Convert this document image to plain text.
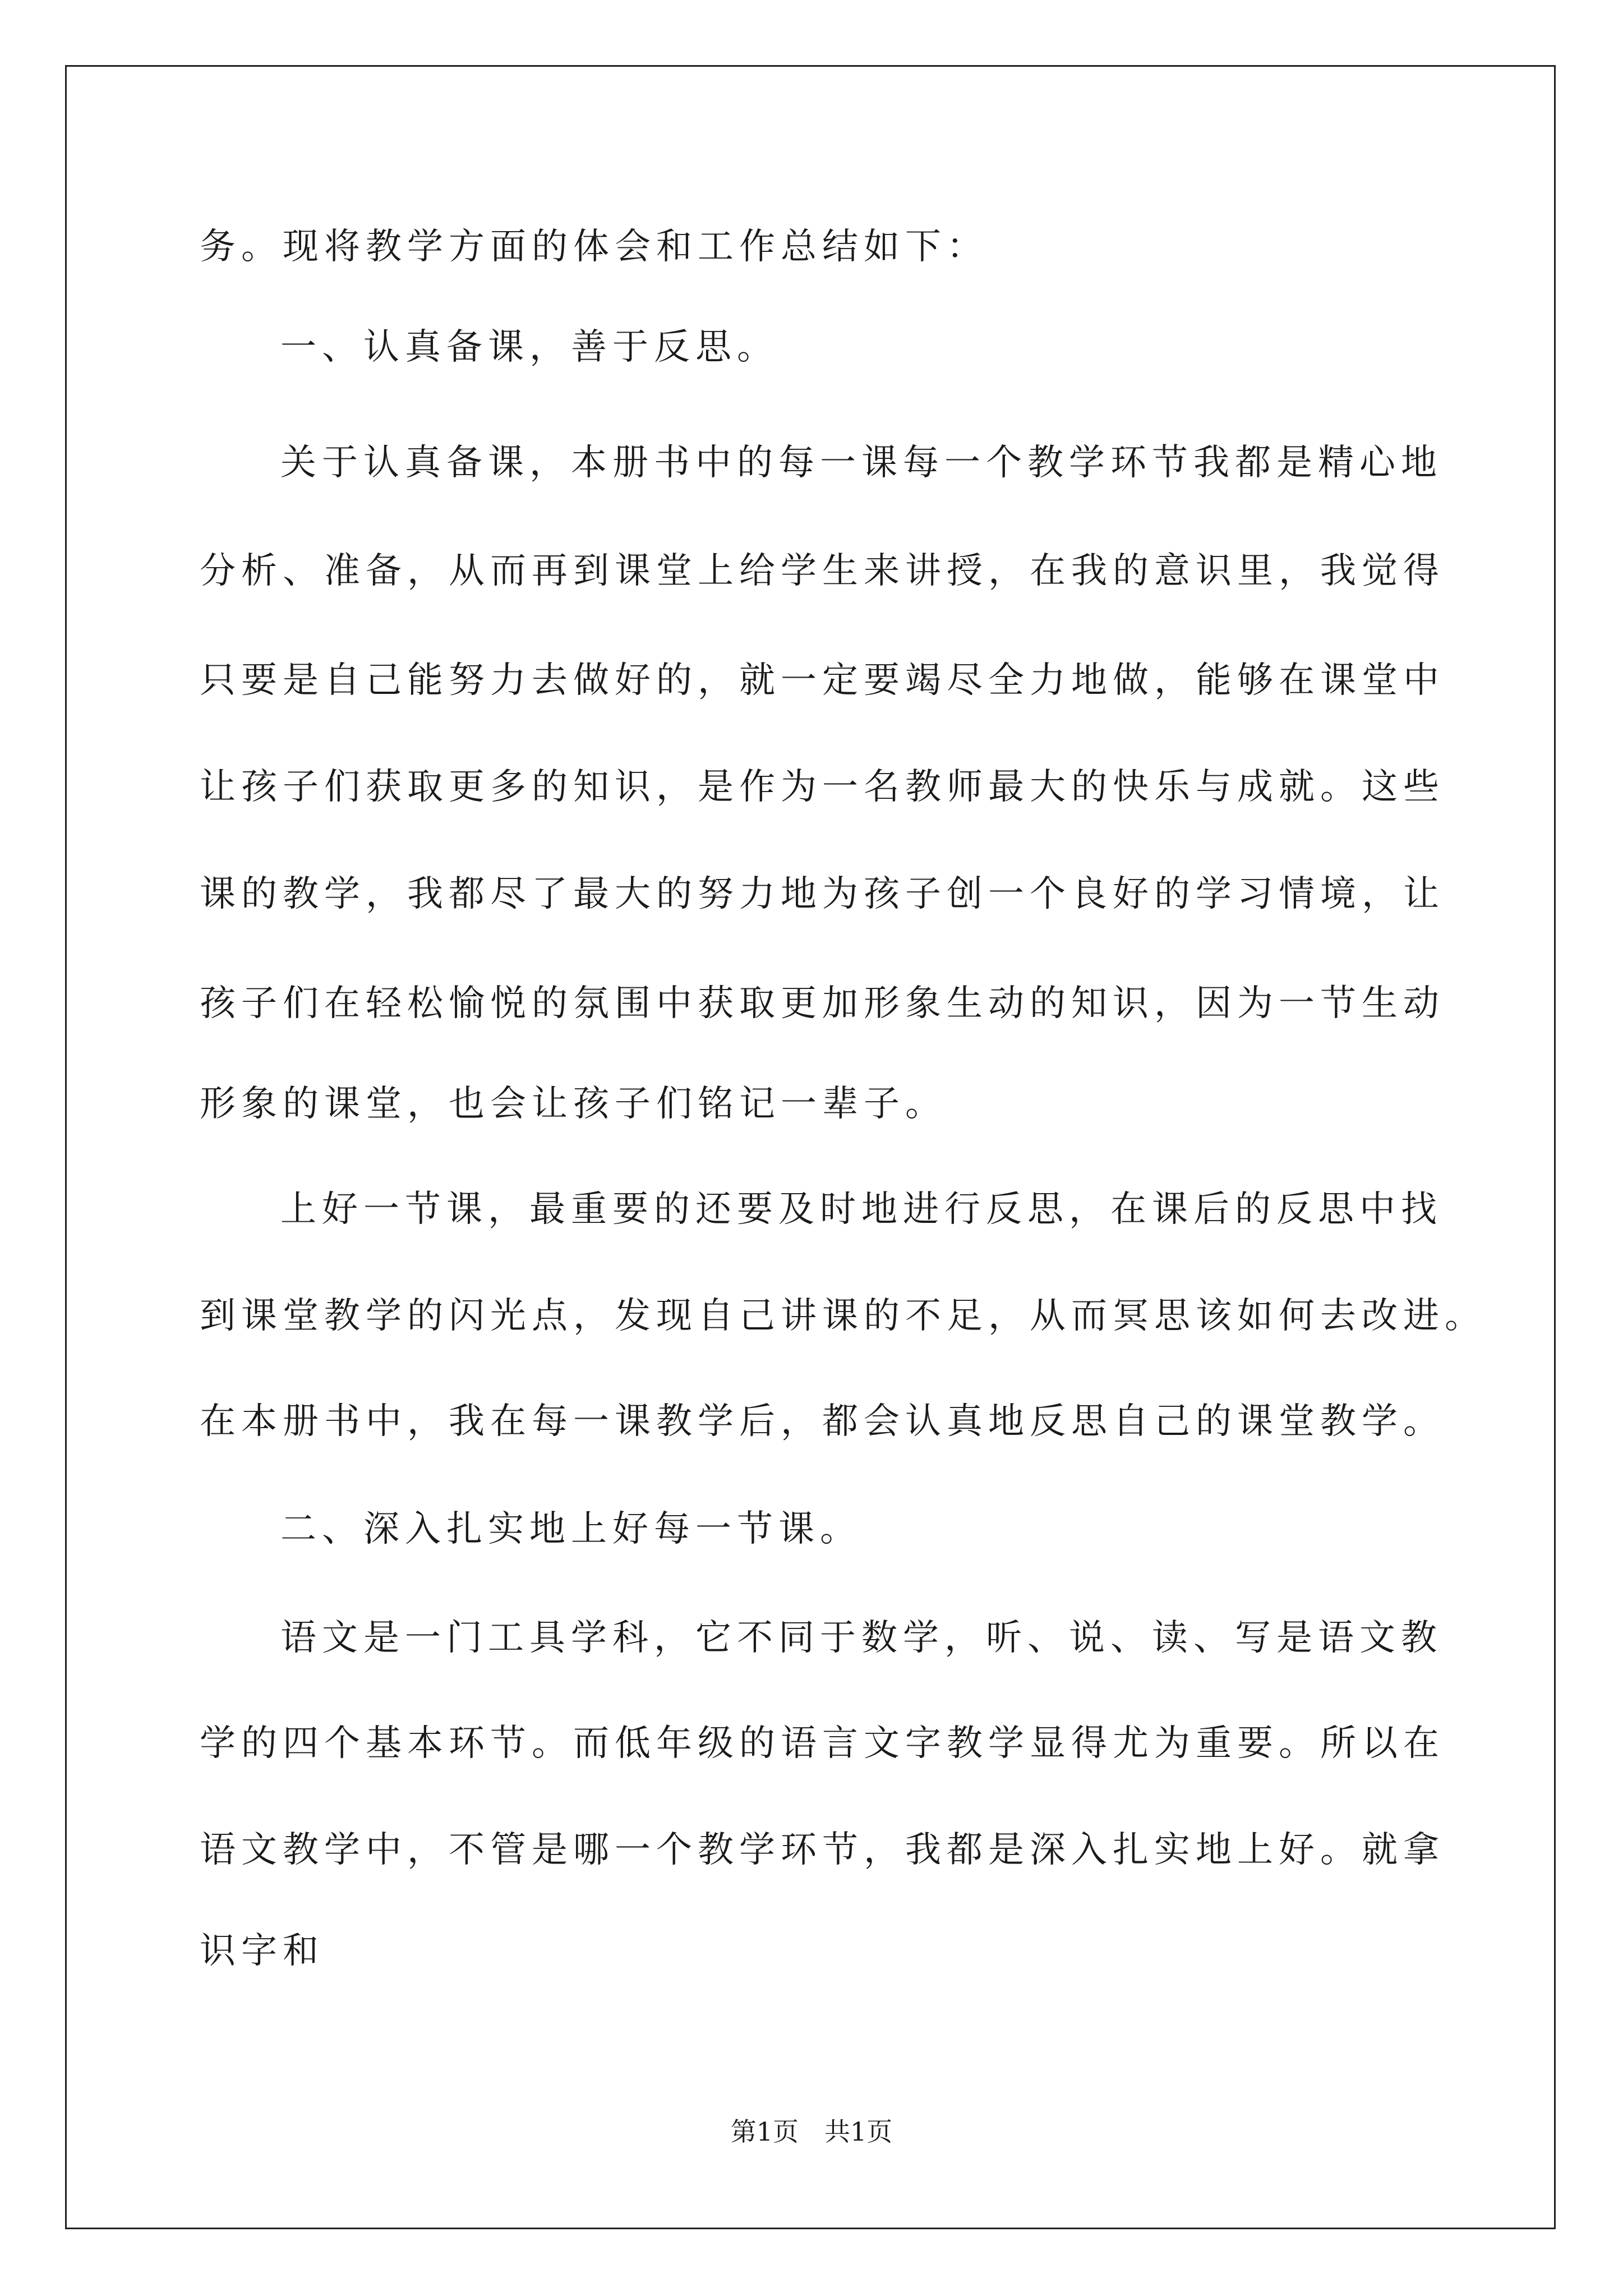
务。现将教学方面的体会和工作总结如下：
一、认真备课，善于反思。
关于认真备课，本册书中的每一课每一个教学环节我都是精心地
分析、准备，从而再到课堂上给学生来讲授，在我的意识里，我觉得
只要是自己能努力去做好的，就一定要竭尽全力地做，能够在课堂中
让孩子们获取更多的知识，是作为一名教师最大的快乐与成就。这些
课的教学，我都尽了最大的努力地为孩子创一个良好的学习情境，让
孩子们在轻松愉悦的氛围中获取更加形象生动的知识，因为一节生动
形象的课堂，也会让孩子们铭记一辈子。
上好一节课，最重要的还要及时地进行反思，在课后的反思中找
到课堂教学的闪光点，发现自己讲课的不足，从而冥思该如何去改进。
在本册书中，我在每一课教学后，都会认真地反思自己的课堂教学。
二、深入扎实地上好每一节课。
语文是一门工具学科，它不同于数学，听、说、读、写是语文教
学的四个基本环节。而低年级的语言文字教学显得尤为重要。所以在
语文教学中，不管是哪一个教学环节，我都是深入扎实地上好。就拿
识字和
第1页　共1页
